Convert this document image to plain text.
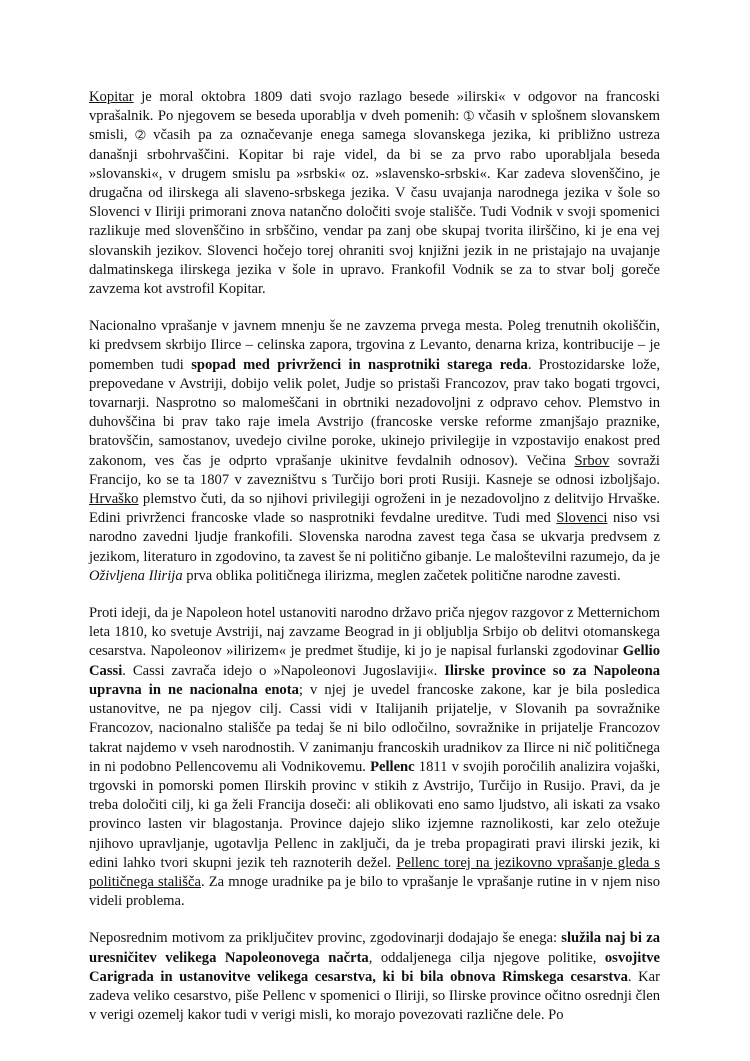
Kopitar je moral oktobra 1809 dati svojo razlago besede »ilirski« v odgovor na francoski vprašalnik. Po njegovem se beseda uporablja v dveh pomenih: ➀ včasih v splošnem slovanskem smisli, ➁ včasih pa za označevanje enega samega slovanskega jezika, ki približno ustreza današnji srbohrvaščini. Kopitar bi raje videl, da bi se za prvo rabo uporabljala beseda »slovanski«, v drugem smislu pa »srbski« oz. »slavensko-srbski«. Kar zadeva slovenščino, je drugačna od ilirskega ali slaveno-srbskega jezika. V času uvajanja narodnega jezika v šole so Slovenci v Iliriji primorani znova natančno določiti svoje stališče. Tudi Vodnik v svoji spomenici razlikuje med slovenščino in srbščino, vendar pa zanj obe skupaj tvorita ilirščino, ki je ena vej slovanskih jezikov. Slovenci hočejo torej ohraniti svoj knjižni jezik in ne pristajajo na uvajanje dalmatinskega ilirskega jezika v šole in upravo. Frankofil Vodnik se za to stvar bolj goreče zavzema kot avstrofil Kopitar.

Nacionalno vprašanje v javnem mnenju še ne zavzema prvega mesta. Poleg trenutnih okoliščin, ki predvsem skrbijo Ilirce – celinska zapora, trgovina z Levanto, denarna kriza, kontribucije – je pomemben tudi spopad med privrženci in nasprotniki starega reda. Prostozidarske lože, prepovedane v Avstriji, dobijo velik polet, Judje so pristaši Francozov, prav tako bogati trgovci, tovarnarji. Nasprotno so malomeščani in obrtniki nezadovoljni z odpravo cehov. Plemstvo in duhovščina bi prav tako raje imela Avstrijo (francoske verske reforme zmanjšajo praznike, bratovščin, samostanov, uvedejo civilne poroke, ukinejo privilegije in vzpostavijo enakost pred zakonom, ves čas je odprto vprašanje ukinitve fevdalnih odnosov). Večina Srbov sovraži Francijo, ko se ta 1807 v zavezništvu s Turčijo bori proti Rusiji. Kasneje se odnosi izboljšajo. Hrvaško plemstvo čuti, da so njihovi privilegiji ogroženi in je nezadovoljno z delitvijo Hrvaške. Edini privrženci francoske vlade so nasprotniki fevdalne ureditve. Tudi med Slovenci niso vsi narodno zavedni ljudje frankofili. Slovenska narodna zavest tega časa se ukvarja predvsem z jezikom, literaturo in zgodovino, ta zavest še ni politično gibanje. Le maloštevilni razumejo, da je Oživljena Ilirija prva oblika političnega ilirizma, meglen začetek politične narodne zavesti.

Proti ideji, da je Napoleon hotel ustanoviti narodno državo priča njegov razgovor z Metternichom leta 1810, ko svetuje Avstriji, naj zavzame Beograd in ji obljublja Srbijo ob delitvi otomanskega cesarstva. Napoleonov »ilirizem« je predmet študije, ki jo je napisal furlanski zgodovinar Gellio Cassi. Cassi zavrača idejo o »Napoleonovi Jugoslaviji«. Ilirske province so za Napoleona upravna in ne nacionalna enota; v njej je uvedel francoske zakone, kar je bila posledica ustanovitve, ne pa njegov cilj. Cassi vidi v Italijanih prijatelje, v Slovanih pa sovražnike Francozov, nacionalno stališče pa tedaj še ni bilo odločilno, sovražnike in prijatelje Francozov takrat najdemo v vseh narodnostih. V zanimanju francoskih uradnikov za Ilirce ni nič političnega in ni podobno Pellencovemu ali Vodnikovemu. Pellenc 1811 v svojih poročilih analizira vojaški, trgovski in pomorski pomen Ilirskih provinc v stikih z Avstrijo, Turčijo in Rusijo. Pravi, da je treba določiti cilj, ki ga želi Francija doseči: ali oblikovati eno samo ljudstvo, ali iskati za vsako provinco lasten vir blagostanja. Province dajejo sliko izjemne raznolikosti, kar zelo otežuje njihovo upravljanje, ugotavlja Pellenc in zaključi, da je treba propagirati pravi ilirski jezik, ki edini lahko tvori skupni jezik teh raznoterih dežel. Pellenc torej na jezikovno vprašanje gleda s političnega stališča. Za mnoge uradnike pa je bilo to vprašanje le vprašanje rutine in v njem niso videli problema.

Neposrednim motivom za priključitev provinc, zgodovinarji dodajajo še enega: služila naj bi za uresničitev velikega Napoleonovega načrta, oddaljenega cilja njegove politike, osvojitve Carigrada in ustanovitve velikega cesarstva, ki bi bila obnova Rimskega cesarstva. Kar zadeva veliko cesarstvo, piše Pellenc v spomenici o Iliriji, so Ilirske province očitno osrednji člen v verigi ozemelj kakor tudi v verigi misli, ko morajo povezovati različne dele. Po
